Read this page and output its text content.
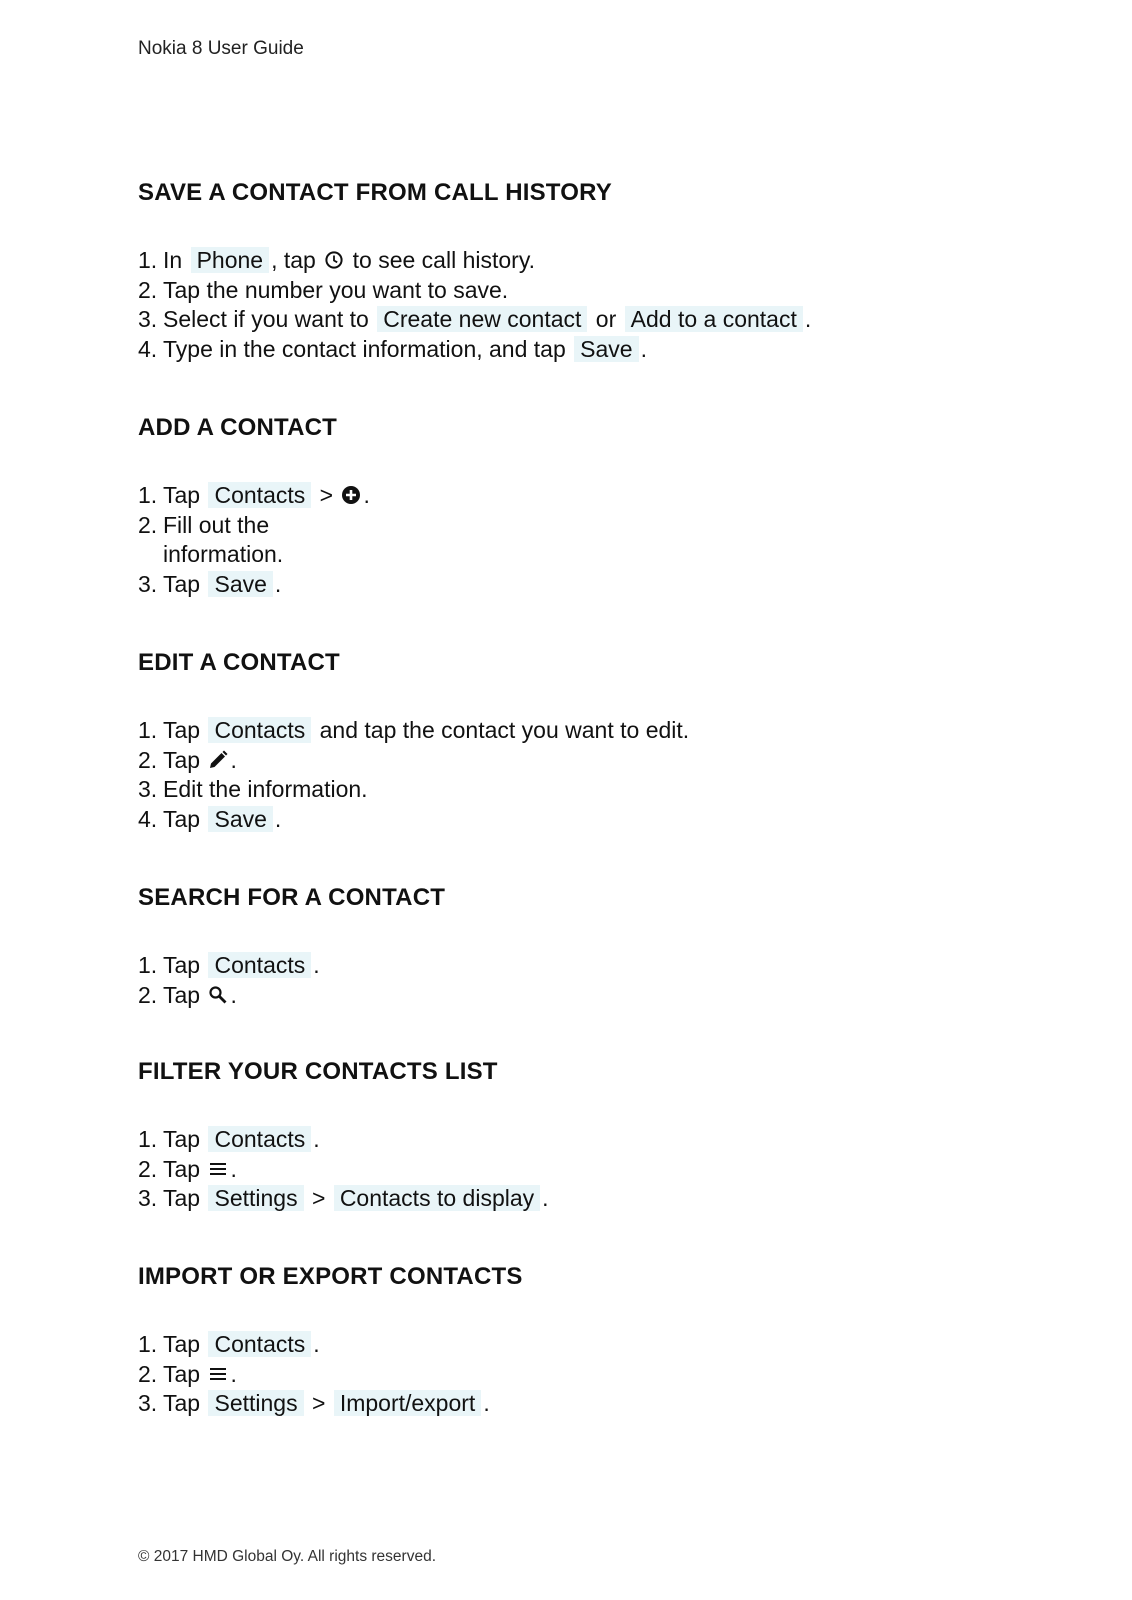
Nokia 8 User Guide
SAVE A CONTACT FROM CALL HISTORY
1. In Phone , tap to see call history.
2. Tap the number you want to save.
3. Select if you want to Create new contact or Add to a contact .
4. Type in the contact information, and tap Save .
ADD A CONTACT
1. Tap Contacts > .
2. Fill out the
information.
3. Tap Save .
EDIT A CONTACT
1. Tap Contacts and tap the contact you want to edit.
2. Tap .
3. Edit the information.
4. Tap Save .
SEARCH FOR A CONTACT
1. Tap Contacts .
2. Tap .
FILTER YOUR CONTACTS LIST
1. Tap Contacts .
2. Tap .
3. Tap Settings > Contacts to display .
IMPORT OR EXPORT CONTACTS
1. Tap Contacts .
2. Tap .
3. Tap Settings > Import/export .
© 2017 HMD Global Oy. All rights reserved.
